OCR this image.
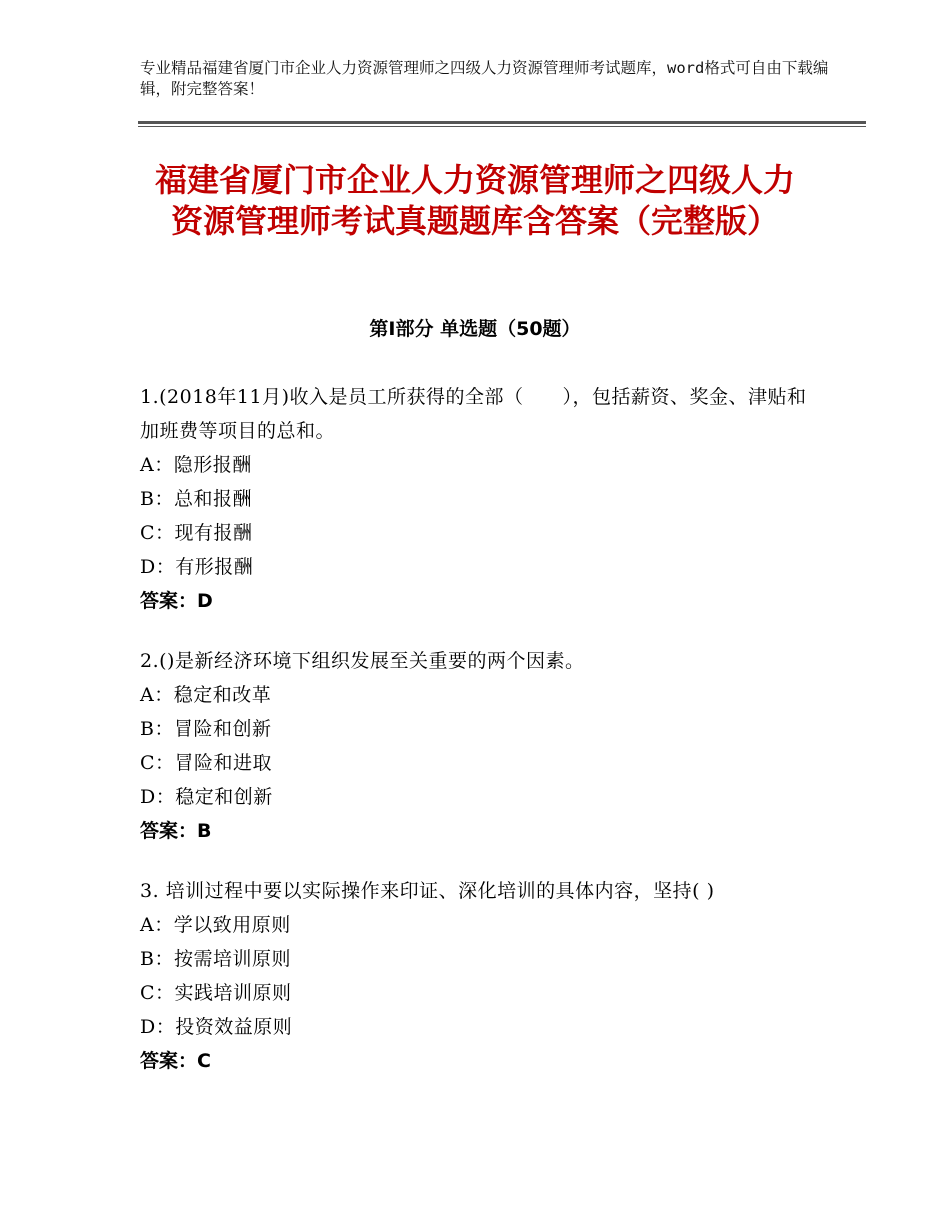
专业精品福建省厦门市企业人力资源管理师之四级人力资源管理师考试题库，word格式可自由下载编辑，附完整答案！
福建省厦门市企业人力资源管理师之四级人力资源管理师考试真题题库含答案（完整版）
第Ⅰ部分 单选题（50题）
1.(2018年11月)收入是员工所获得的全部（　　），包括薪资、奖金、津贴和加班费等项目的总和。
A：隐形报酬
B：总和报酬
C：现有报酬
D：有形报酬
答案：D
2.()是新经济环境下组织发展至关重要的两个因素。
A：稳定和改革
B：冒险和创新
C：冒险和进取
D：稳定和创新
答案：B
3. 培训过程中要以实际操作来印证、深化培训的具体内容，坚持( )
A：学以致用原则
B：按需培训原则
C：实践培训原则
D：投资效益原则
答案：C
